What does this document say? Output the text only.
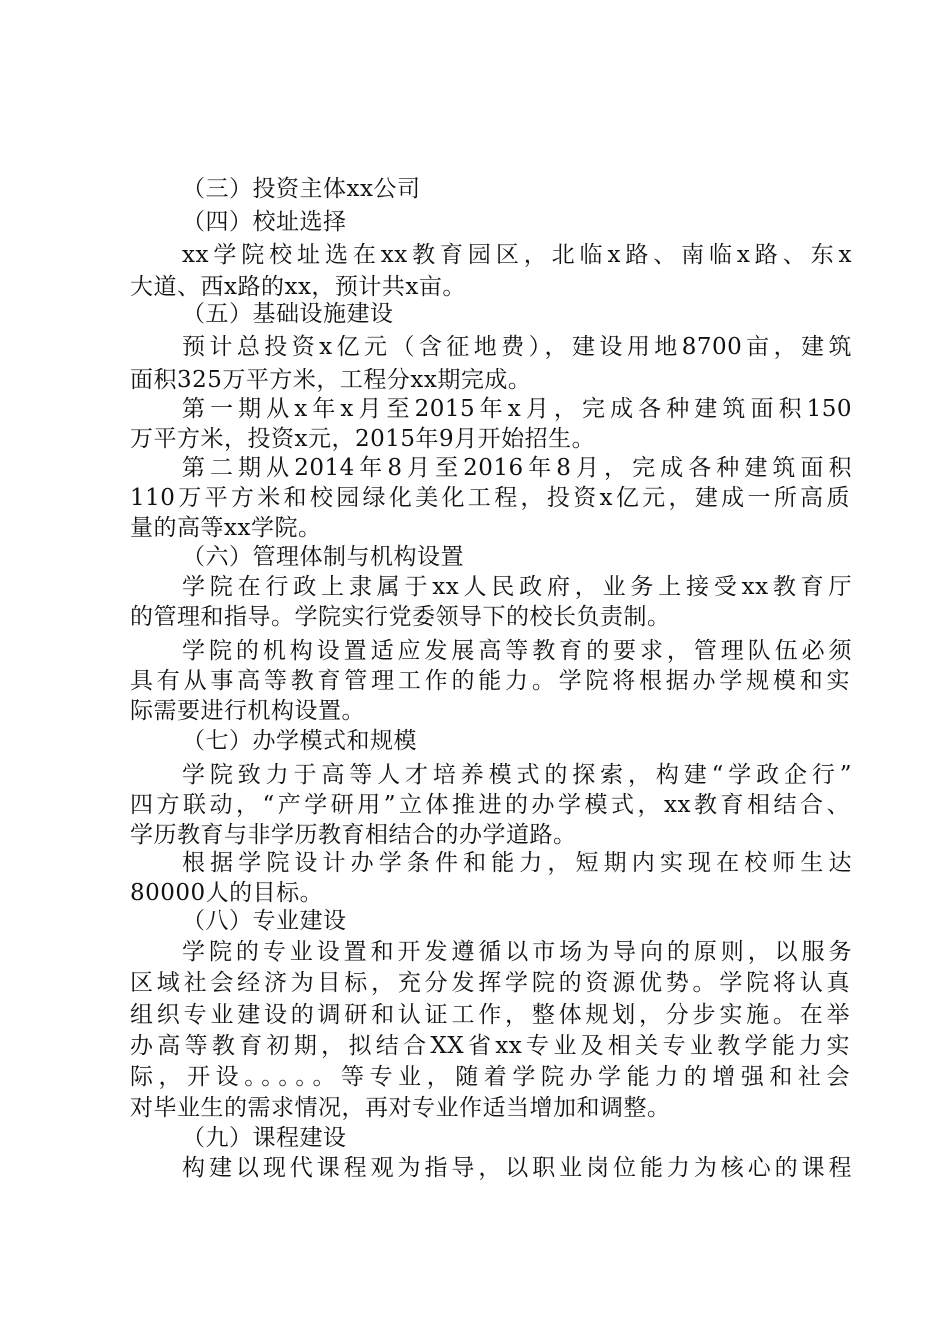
（三）投资主体xx公司
（四）校址选择
xx学院校址选在xx教育园区，北临x路、南临x路、东x
大道、西x路的xx，预计共x亩。
（五）基础设施建设
预计总投资x亿元（含征地费），建设用地8700亩，建筑
面积325万平方米，工程分xx期完成。
第一期从x年x月至2015年x月，完成各种建筑面积150
万平方米，投资x元，2015年9月开始招生。
第二期从2014年8月至2016年8月，完成各种建筑面积
110万平方米和校园绿化美化工程，投资x亿元，建成一所高质
量的高等xx学院。
（六）管理体制与机构设置
学院在行政上隶属于xx人民政府，业务上接受xx教育厅
的管理和指导。学院实行党委领导下的校长负责制。
学院的机构设置适应发展高等教育的要求，管理队伍必须
具有从事高等教育管理工作的能力。学院将根据办学规模和实
际需要进行机构设置。
（七）办学模式和规模
学院致力于高等人才培养模式的探索，构建“学政企行”
四方联动，“产学研用”立体推进的办学模式，xx教育相结合、
学历教育与非学历教育相结合的办学道路。
根据学院设计办学条件和能力，短期内实现在校师生达
80000人的目标。
（八）专业建设
学院的专业设置和开发遵循以市场为导向的原则，以服务
区域社会经济为目标，充分发挥学院的资源优势。学院将认真
组织专业建设的调研和认证工作，整体规划，分步实施。在举
办高等教育初期，拟结合XX省xx专业及相关专业教学能力实
际，开设。。。。。等专业，随着学院办学能力的增强和社会
对毕业生的需求情况，再对专业作适当增加和调整。
（九）课程建设
构建以现代课程观为指导，以职业岗位能力为核心的课程
